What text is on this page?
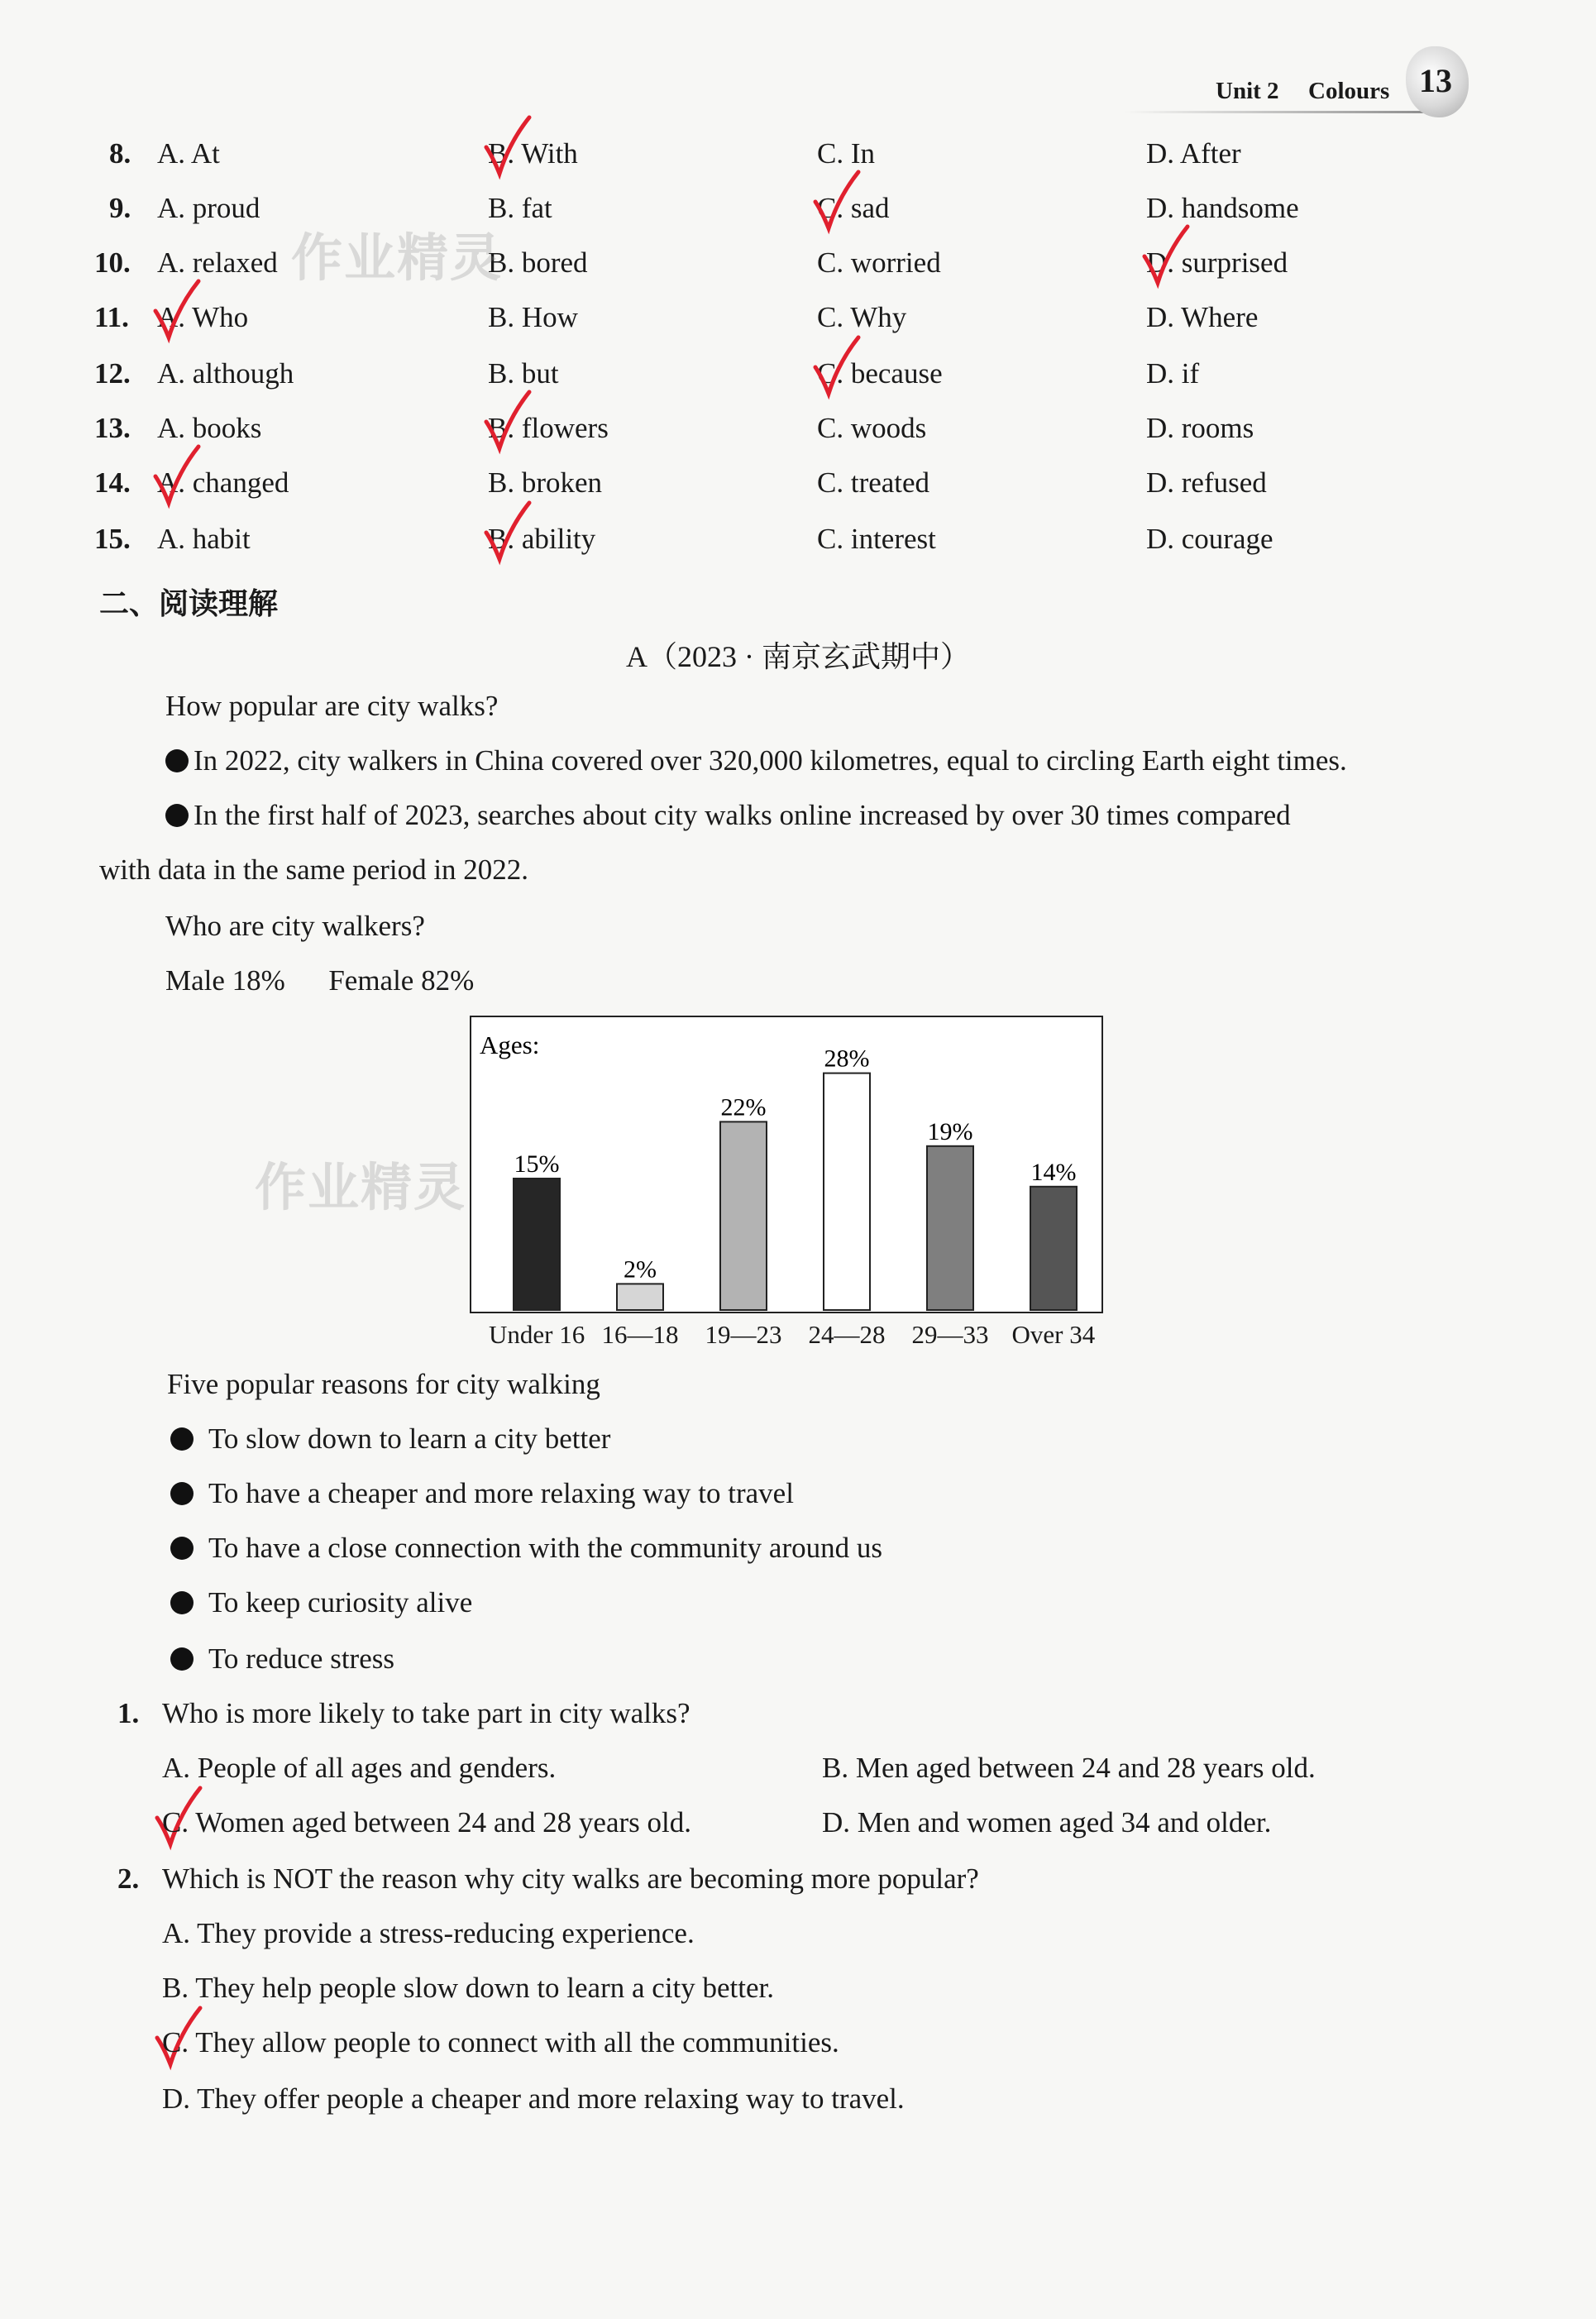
Unit 2 Colours 13
8. A. At	B. With	C. In	D. After
9. A. proud	B. fat	C. sad	D. handsome
10. A. relaxed	B. bored	C. worried	D. surprised
11. A. Who	B. How	C. Why	D. Where
12. A. although	B. but	C. because	D. if
13. A. books	B. flowers	C. woods	D. rooms
14. A. changed	B. broken	C. treated	D. refused
15. A. habit	B. ability	C. interest	D. courage
作业精灵
作业精灵
二、阅读理解
A（2023 · 南京玄武期中）
How popular are city walks?
In 2022, city walkers in China covered over 320,000 kilometres, equal to circling Earth eight times.
In the first half of 2023, searches about city walks online increased by over 30 times compared
with data in the same period in 2022.
Who are city walkers?
Male 18%      Female 82%
Ages:
15%
2%
22%
28%
19%
14%
Under 16 16—18 19—23 24—28 29—33 Over 34
Five popular reasons for city walking
To slow down to learn a city better
To have a cheaper and more relaxing way to travel
To have a close connection with the community around us
To keep curiosity alive
To reduce stress
1. Who is more likely to take part in city walks?
A. People of all ages and genders.	B. Men aged between 24 and 28 years old.
C. Women aged between 24 and 28 years old.	D. Men and women aged 34 and older.
2. Which is NOT the reason why city walks are becoming more popular?
A. They provide a stress-reducing experience.
B. They help people slow down to learn a city better.
C. They allow people to connect with all the communities.
D. They offer people a cheaper and more relaxing way to travel.
